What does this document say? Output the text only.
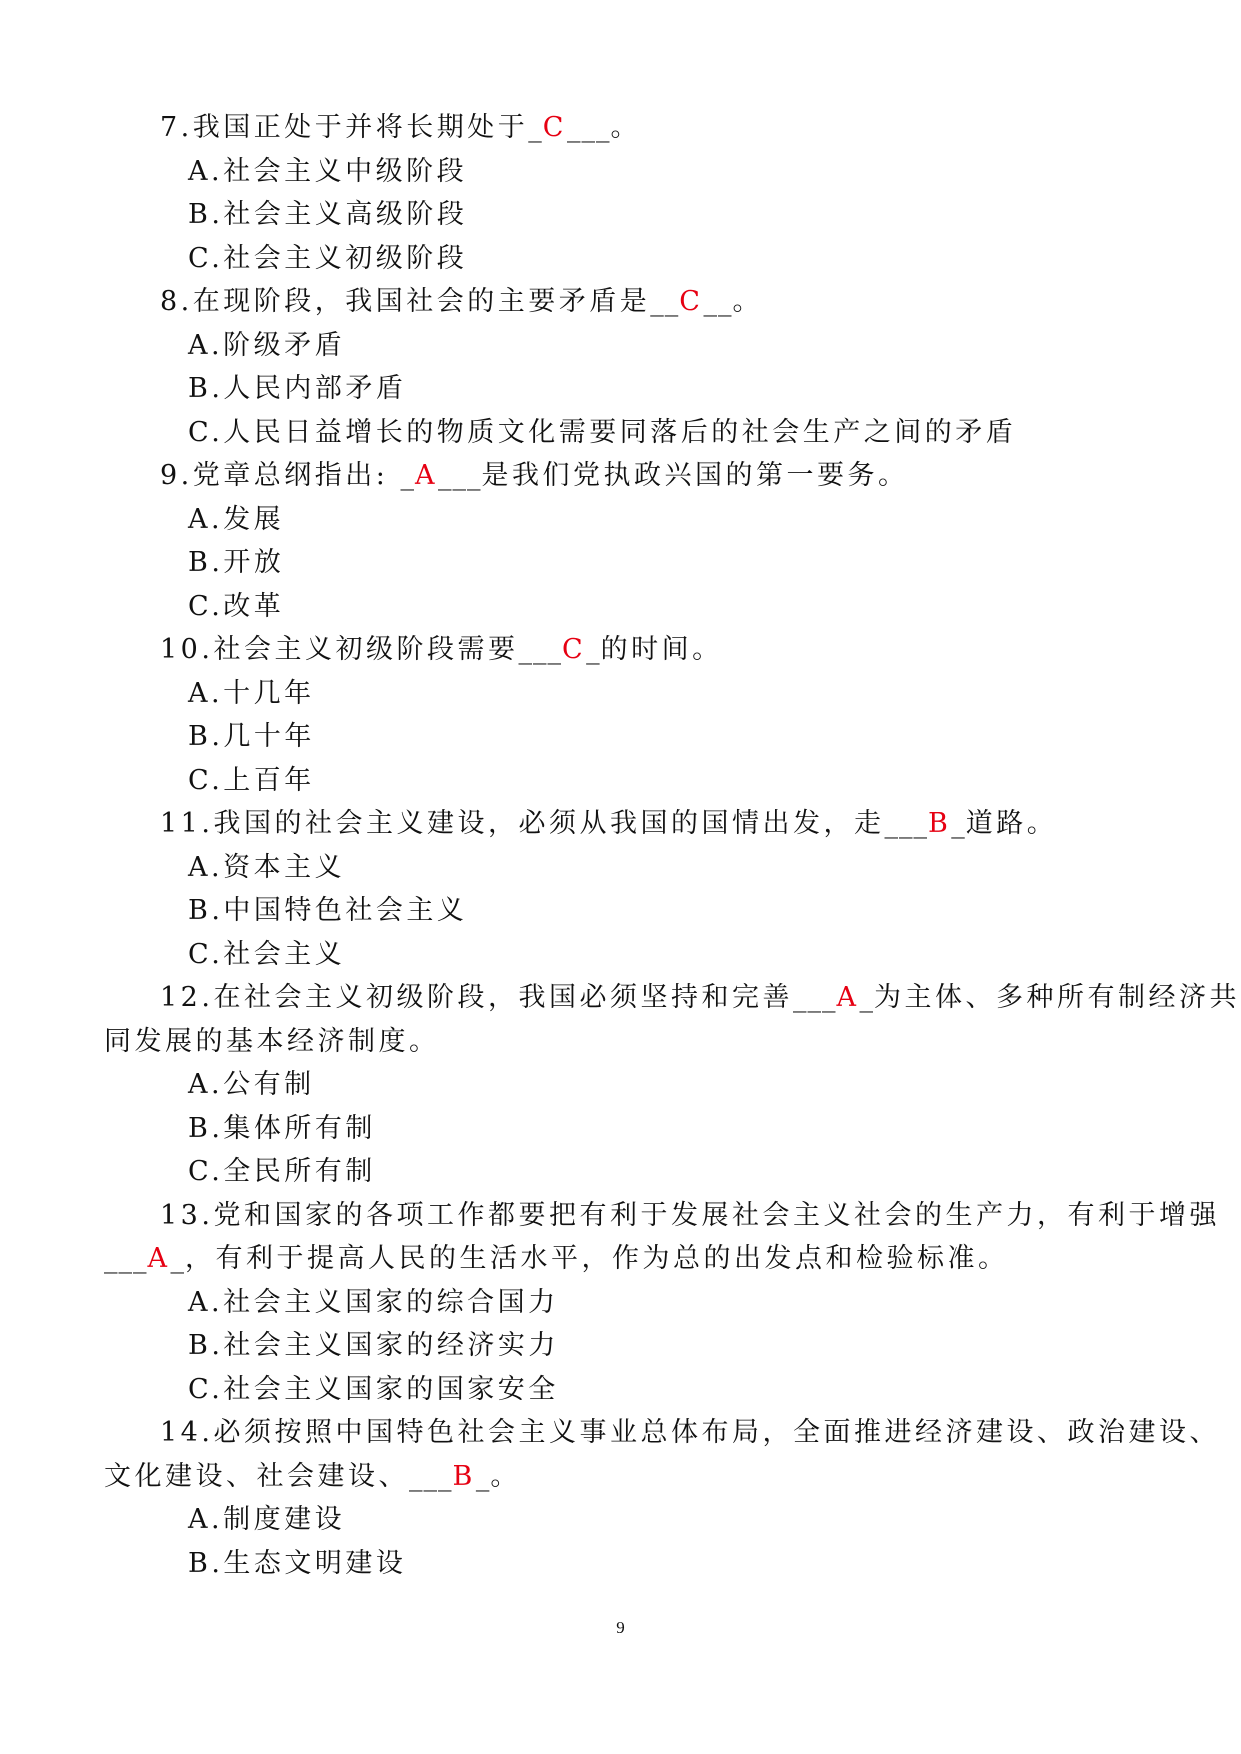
7.我国正处于并将长期处于_C___。
A.社会主义中级阶段
B.社会主义高级阶段
C.社会主义初级阶段
8.在现阶段，我国社会的主要矛盾是__C__。
A.阶级矛盾
B.人民内部矛盾
C.人民日益增长的物质文化需要同落后的社会生产之间的矛盾
9.党章总纲指出: _A___是我们党执政兴国的第一要务。
A.发展
B.开放
C.改革
10.社会主义初级阶段需要___C_的时间。
A.十几年
B.几十年
C.上百年
11.我国的社会主义建设，必须从我国的国情出发，走___B_道路。
A.资本主义
B.中国特色社会主义
C.社会主义
12.在社会主义初级阶段，我国必须坚持和完善___A_为主体、多种所有制经济共
同发展的基本经济制度。
A.公有制
B.集体所有制
C.全民所有制
13.党和国家的各项工作都要把有利于发展社会主义社会的生产力，有利于增强
___A_，有利于提高人民的生活水平，作为总的出发点和检验标准。
A.社会主义国家的综合国力
B.社会主义国家的经济实力
C.社会主义国家的国家安全
14.必须按照中国特色社会主义事业总体布局，全面推进经济建设、政治建设、
文化建设、社会建设、___B_。
A.制度建设
B.生态文明建设
9
